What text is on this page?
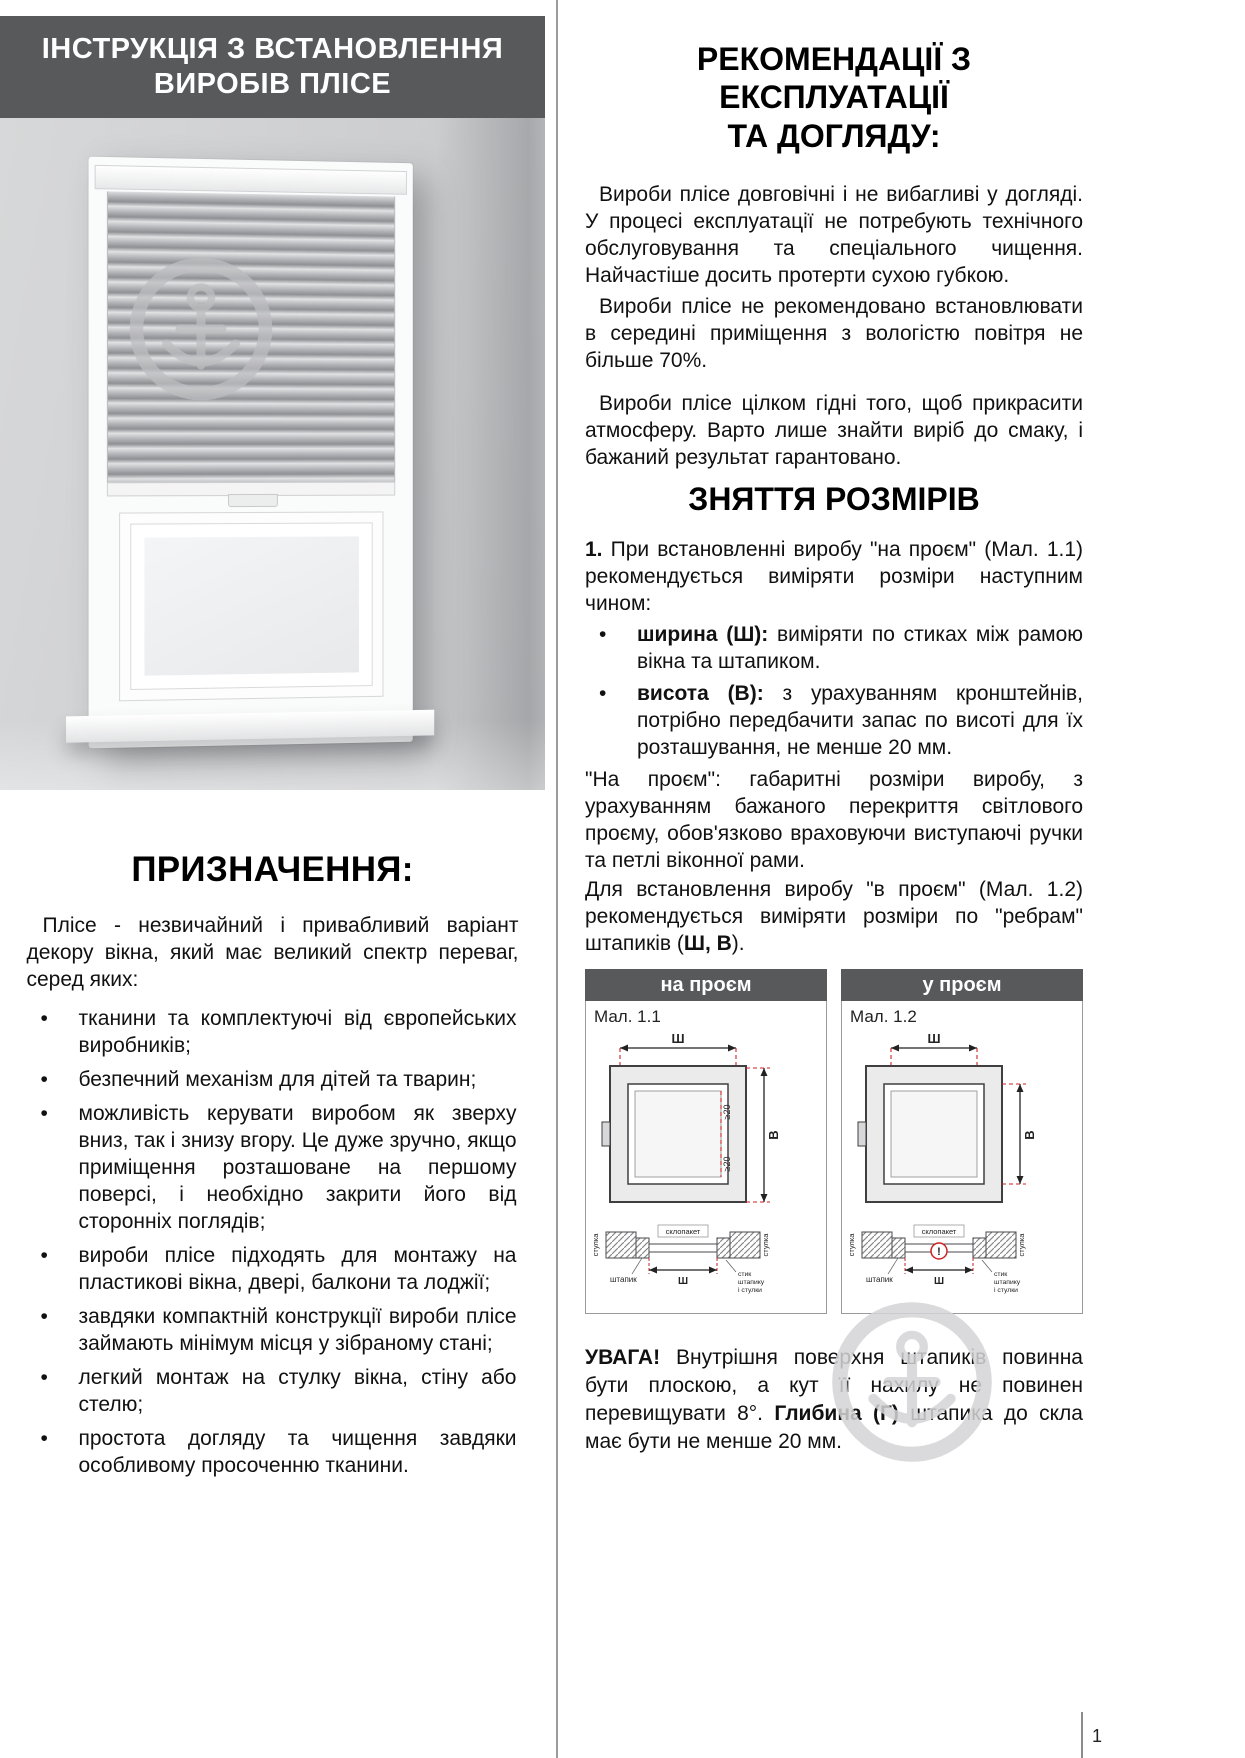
ІНСТРУКЦІЯ З ВСТАНОВЛЕННЯ
ВИРОБІВ ПЛІСЕ
ПРИЗНАЧЕННЯ:
Плісе - незвичайний і привабливий варіант декору вікна, який має великий спектр переваг, серед яких:
• тканини та комплектуючі від європейських виробників;
• безпечний механізм для дітей та тварин;
• можливість керувати виробом як зверху вниз, так і знизу вгору. Це дуже зручно, якщо приміщення розташоване на першому поверсі, і необхідно закрити його від сторонніх поглядів;
• вироби плісе підходять для монтажу на пластикові вікна, двері, балкони та лоджії;
• завдяки компактній конструкції вироби плісе займають мінімум місця у зібраному стані;
• легкий монтаж на стулку вікна, стіну або стелю;
• простота догляду та чищення завдяки особливому просоченню тканини.
РЕКОМЕНДАЦІЇ З ЕКСПЛУАТАЦІЇ
ТА ДОГЛЯДУ:
Вироби плісе довговічні і не вибагливі у догляді. У процесі експлуатації не потребують технічного обслуговування та спеціального чищення. Найчастіше досить протерти сухою губкою.
Вироби плісе не рекомендовано встановлювати в середині приміщення з вологістю повітря не більше 70%.
Вироби плісе цілком гідні того, щоб прикрасити атмосферу. Варто лише знайти виріб до смаку, і бажаний результат гарантовано.
ЗНЯТТЯ РОЗМІРІВ
1. При встановленні виробу "на проєм" (Мал. 1.1) рекомендується виміряти розміри наступним чином:
• ширина (Ш): виміряти по стиках між рамою вікна та штапиком.
• висота (В): з урахуванням кронштейнів, потрібно передбачити запас по висоті для їх розташування, не менше 20 мм.
"На проєм": габаритні розміри виробу, з урахуванням бажаного перекриття світлового проєму, обов'язково враховуючи виступаючі ручки та петлі віконної рами.
Для встановлення виробу "в проєм" (Мал. 1.2) рекомендується виміряти розміри по "ребрам" штапиків (Ш, В).
на проєм
Мал. 1.1
Ш
≥20
≥20
В
склопакет
стулка	стулка
штапик	Ш
стик
штапику
і стулки
у проєм
Мал. 1.2
Ш
В
склопакет
!
стулка	стулка
штапик	Ш
стик
штапику
і стулки
УВАГА! Внутрішня поверхня штапиків повинна бути плоскою, а кут її нахилу не повинен перевищувати 8°. Глибина (Г) штапика до скла має бути не менше 20 мм.
1
